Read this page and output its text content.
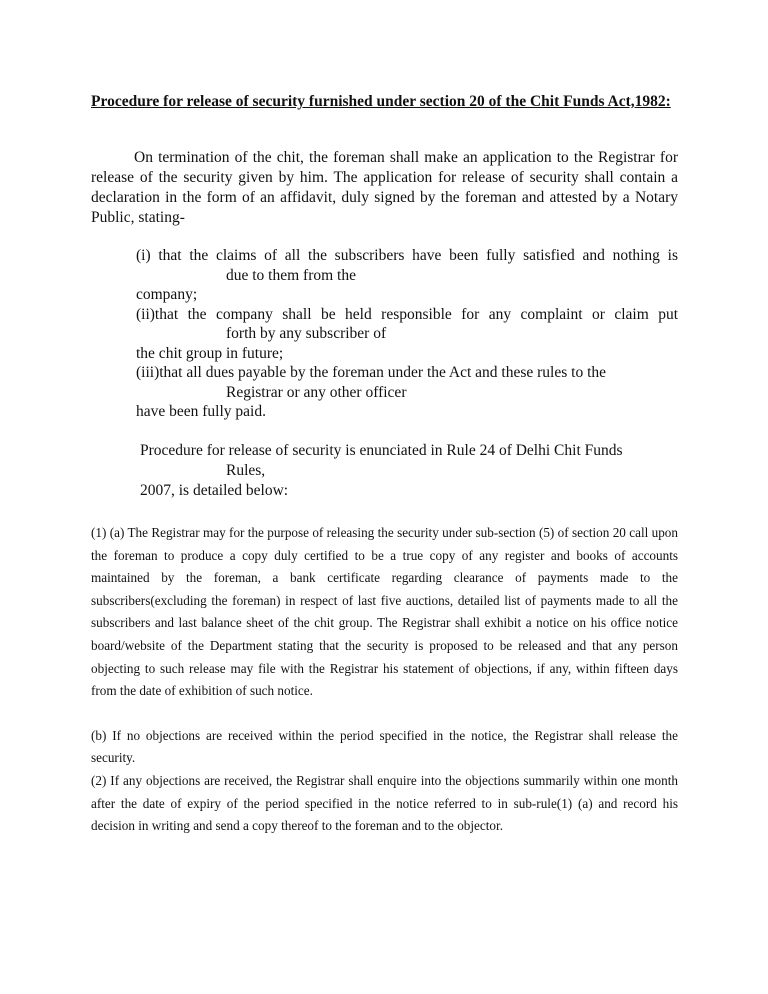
Procedure for release of security furnished under section 20 of the Chit Funds Act,1982:
On termination of the chit, the foreman shall make an application to the Registrar for release of the security given by him. The application for release of security shall contain a declaration in the form of an affidavit, duly signed by the foreman and attested by a Notary Public, stating-
(i) that the claims of all the subscribers have been fully satisfied and nothing is
due to them from the
company;
(ii)that the company shall be held responsible for any complaint or claim put
forth by any subscriber of
the chit group in future;
(iii)that all dues payable by the foreman under the Act and these rules to the
Registrar or any other officer
have been fully paid.
Procedure for release of security is enunciated in Rule 24 of Delhi Chit Funds
Rules,
2007, is detailed below:

(1) (a) The Registrar may for the purpose of releasing the security under sub-section (5) of section 20 call upon the foreman to produce a copy duly certified to be a true copy of any register and books of accounts maintained by the foreman, a bank certificate regarding clearance of payments made to the subscribers(excluding the foreman) in respect of last five auctions, detailed list of payments made to all the subscribers and last balance sheet of the chit group. The Registrar shall exhibit a notice on his office notice board/website of the Department stating that the security is proposed to be released and that any person objecting to such release may file with the Registrar his statement of objections, if any, within fifteen days from the date of exhibition of such notice.

(b) If no objections are received within the period specified in the notice, the Registrar shall release the security.

(2) If any objections are received, the Registrar shall enquire into the objections summarily within one month after the date of expiry of the period specified in the notice referred to in sub-rule(1) (a) and record his decision in writing and send a copy thereof to the foreman and to the objector.
